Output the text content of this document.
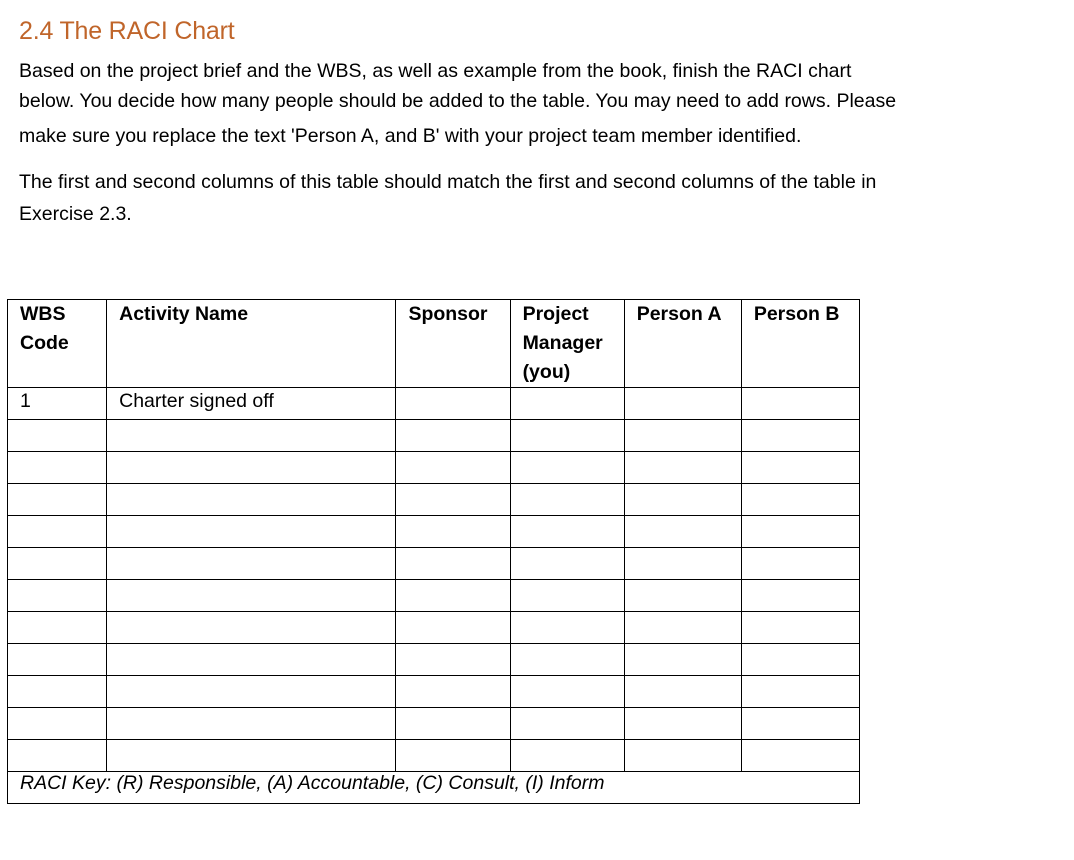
2.4 The RACI Chart

Based on the project brief and the WBS, as well as example from the book, finish the RACI chart
below. You decide how many people should be added to the table. You may need to add rows. Please
make sure you replace the text 'Person A, and B' with your project team member identified.

The first and second columns of this table should match the first and second columns of the table in
Exercise 2.3.

WBS Code	Activity Name	Sponsor	Project Manager (you)	Person A	Person B
1	Charter signed off				

RACI Key: (R) Responsible, (A) Accountable, (C) Consult, (I) Inform					
